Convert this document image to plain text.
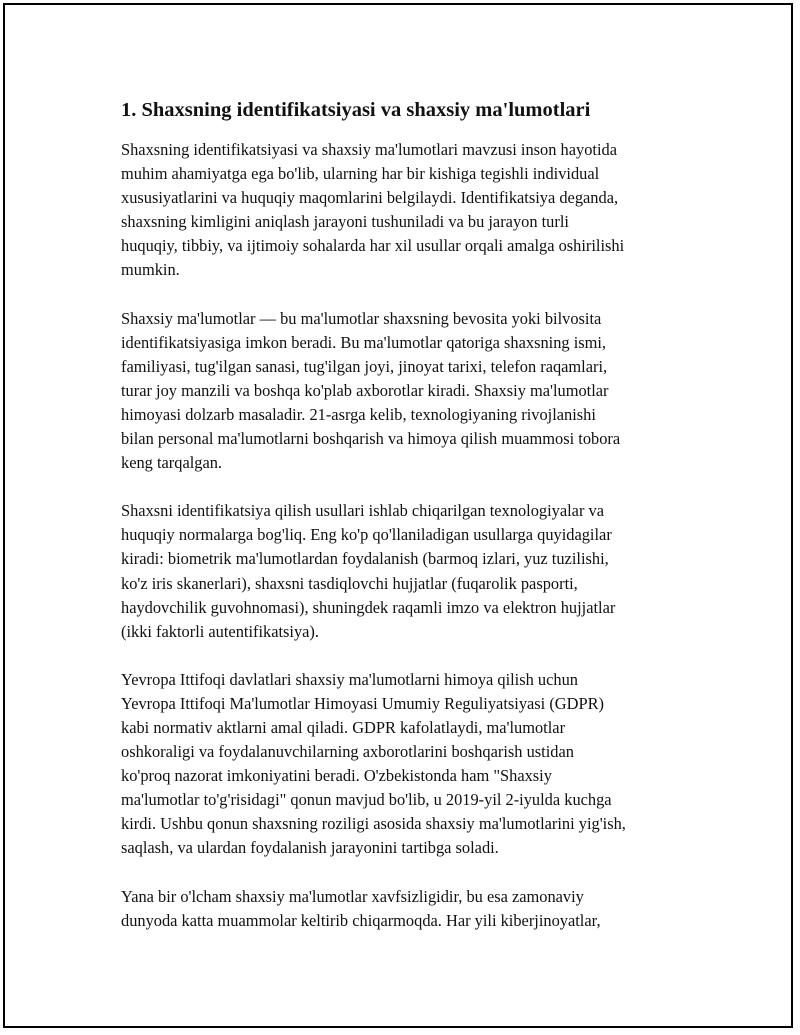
1. Shaxsning identifikatsiyasi va shaxsiy ma'lumotlari

Shaxsning identifikatsiyasi va shaxsiy ma'lumotlari mavzusi inson hayotida
muhim ahamiyatga ega bo'lib, ularning har bir kishiga tegishli individual
xususiyatlarini va huquqiy maqomlarini belgilaydi. Identifikatsiya deganda,
shaxsning kimligini aniqlash jarayoni tushuniladi va bu jarayon turli
huquqiy, tibbiy, va ijtimoiy sohalarda har xil usullar orqali amalga oshirilishi
mumkin.

Shaxsiy ma'lumotlar — bu ma'lumotlar shaxsning bevosita yoki bilvosita
identifikatsiyasiga imkon beradi. Bu ma'lumotlar qatoriga shaxsning ismi,
familiyasi, tug'ilgan sanasi, tug'ilgan joyi, jinoyat tarixi, telefon raqamlari,
turar joy manzili va boshqa ko'plab axborotlar kiradi. Shaxsiy ma'lumotlar
himoyasi dolzarb masaladir. 21-asrga kelib, texnologiyaning rivojlanishi
bilan personal ma'lumotlarni boshqarish va himoya qilish muammosi tobora
keng tarqalgan.

Shaxsni identifikatsiya qilish usullari ishlab chiqarilgan texnologiyalar va
huquqiy normalarga bog'liq. Eng ko'p qo'llaniladigan usullarga quyidagilar
kiradi: biometrik ma'lumotlardan foydalanish (barmoq izlari, yuz tuzilishi,
ko'z iris skanerlari), shaxsni tasdiqlovchi hujjatlar (fuqarolik pasporti,
haydovchilik guvohnomasi), shuningdek raqamli imzo va elektron hujjatlar
(ikki faktorli autentifikatsiya).

Yevropa Ittifoqi davlatlari shaxsiy ma'lumotlarni himoya qilish uchun
Yevropa Ittifoqi Ma'lumotlar Himoyasi Umumiy Reguliyatsiyasi (GDPR)
kabi normativ aktlarni amal qiladi. GDPR kafolatlaydi, ma'lumotlar
oshkoraligi va foydalanuvchilarning axborotlarini boshqarish ustidan
ko'proq nazorat imkoniyatini beradi. O'zbekistonda ham "Shaxsiy
ma'lumotlar to'g'risidagi" qonun mavjud bo'lib, u 2019-yil 2-iyulda kuchga
kirdi. Ushbu qonun shaxsning roziligi asosida shaxsiy ma'lumotlarini yig'ish,
saqlash, va ulardan foydalanish jarayonini tartibga soladi.

Yana bir o'lcham shaxsiy ma'lumotlar xavfsizligidir, bu esa zamonaviy
dunyoda katta muammolar keltirib chiqarmoqda. Har yili kiberjinoyatlar,
